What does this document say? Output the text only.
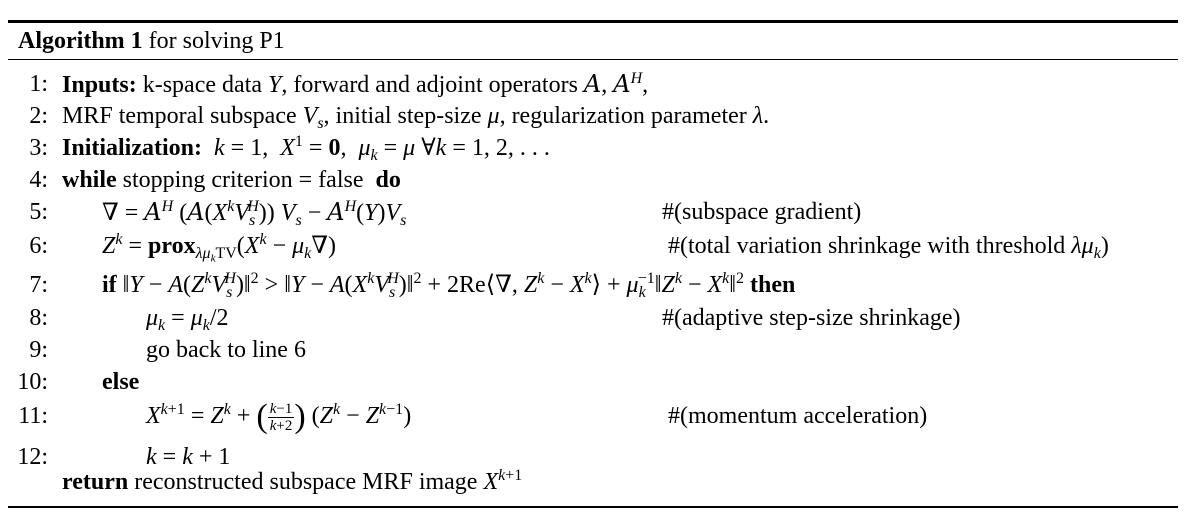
Algorithm 1 for solving P1
1: Inputs: k-space data Y, forward and adjoint operators A, $A^H$,
2: MRF temporal subspace $V_s$, initial step-size μ, regularization parameter λ.
3: Initialization: k = 1,  $X^1 = 0$,  $\mu_k = \mu$ ∀k = 1, 2, . . .
4: while stopping criterion = false do
5: ∇ = $A^H$ $(A(X^kV_s^H)) V_s - A^H(Y)V_s$	#(subspace gradient)
6: $Z^k$ = $prox_{\lambda\mu_kTV}(X^k - \mu_k\nabla)$	#(total variation shrinkage with threshold $\lambda\mu_k$)
7: if ‖Y − $A(Z^kV_s^H)‖^2$ > ‖Y − $A(X^kV_s^H)‖^2$ + 2Re⟨∇, $Z^k$ − $X^k⟩$ + $\mu_k^{-1}‖Z^k$ − $X^k‖^2$ then
8:	$\mu_k = \mu_k/2$	#(adaptive step-size shrinkage)
9:	go back to line 6
10: else
11:	$X^{k+1} = Z^k$ + ( $\frac{k-1}{k+2}$ ) $(Z^k - Z^{k-1})$	#(momentum acceleration)
12:	k = k + 1
return reconstructed subspace MRF image $X^{k+1}$
